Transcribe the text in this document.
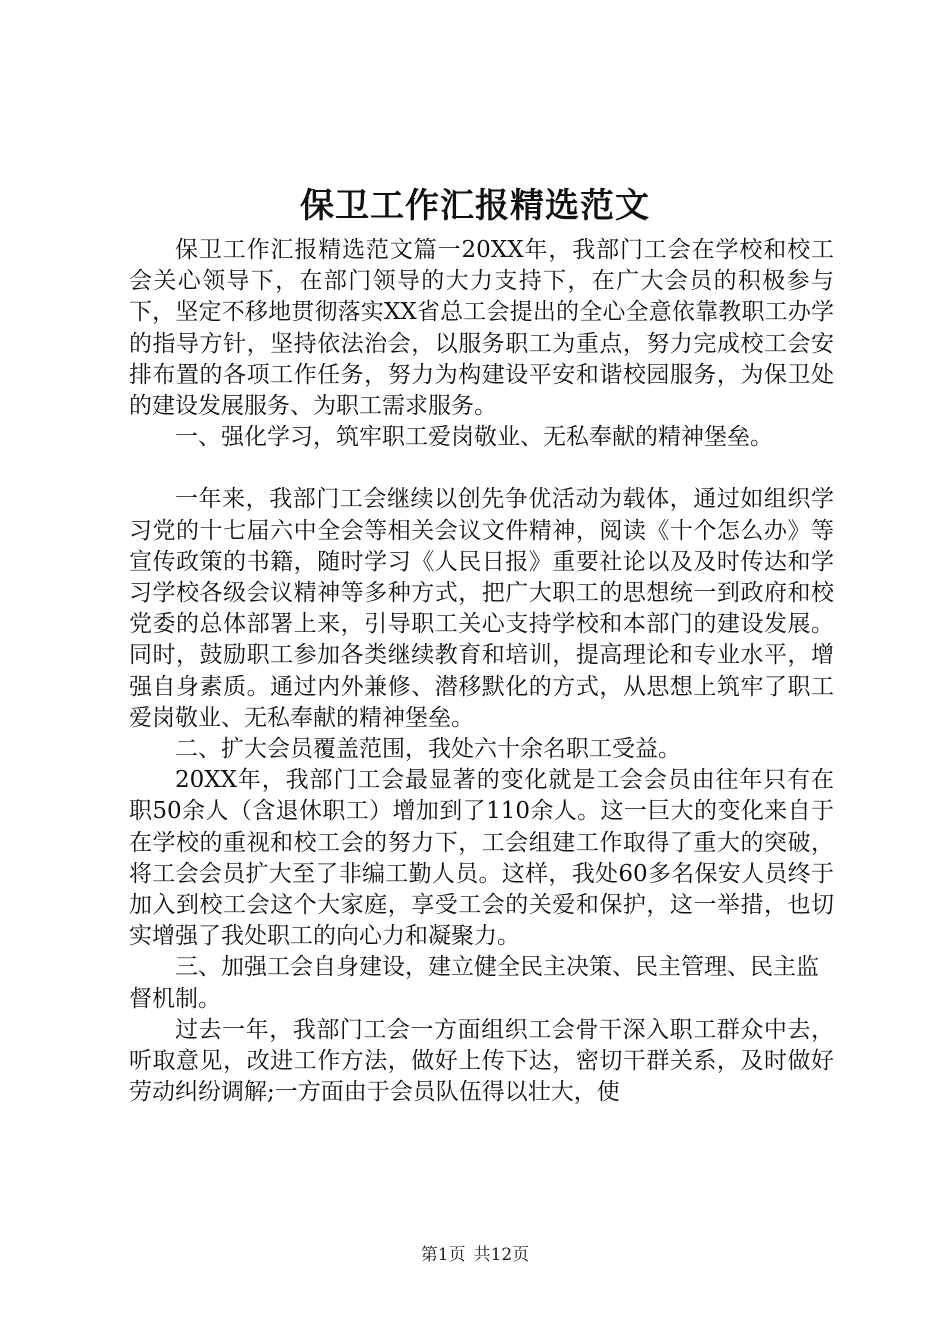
保卫工作汇报精选范文

保卫工作汇报精选范文篇一20XX年，我部门工会在学校和校工会关心领导下，在部门领导的大力支持下，在广大会员的积极参与下，坚定不移地贯彻落实XX省总工会提出的全心全意依靠教职工办学的指导方针，坚持依法治会，以服务职工为重点，努力完成校工会安排布置的各项工作任务，努力为构建设平安和谐校园服务，为保卫处的建设发展服务、为职工需求服务。

一、强化学习，筑牢职工爱岗敬业、无私奉献的精神堡垒。

一年来，我部门工会继续以创先争优活动为载体，通过如组织学习党的十七届六中全会等相关会议文件精神，阅读《十个怎么办》等宣传政策的书籍，随时学习《人民日报》重要社论以及及时传达和学习学校各级会议精神等多种方式，把广大职工的思想统一到政府和校党委的总体部署上来，引导职工关心支持学校和本部门的建设发展。同时，鼓励职工参加各类继续教育和培训，提高理论和专业水平，增强自身素质。通过内外兼修、潜移默化的方式，从思想上筑牢了职工爱岗敬业、无私奉献的精神堡垒。

二、扩大会员覆盖范围，我处六十余名职工受益。

20XX年，我部门工会最显著的变化就是工会会员由往年只有在职50余人（含退休职工）增加到了110余人。这一巨大的变化来自于在学校的重视和校工会的努力下，工会组建工作取得了重大的突破，将工会会员扩大至了非编工勤人员。这样，我处60多名保安人员终于加入到校工会这个大家庭，享受工会的关爱和保护，这一举措，也切实增强了我处职工的向心力和凝聚力。

三、加强工会自身建设，建立健全民主决策、民主管理、民主监督机制。

过去一年，我部门工会一方面组织工会骨干深入职工群众中去，听取意见，改进工作方法，做好上传下达，密切干群关系，及时做好劳动纠纷调解;一方面由于会员队伍得以壮大，使

第1页 共12页
